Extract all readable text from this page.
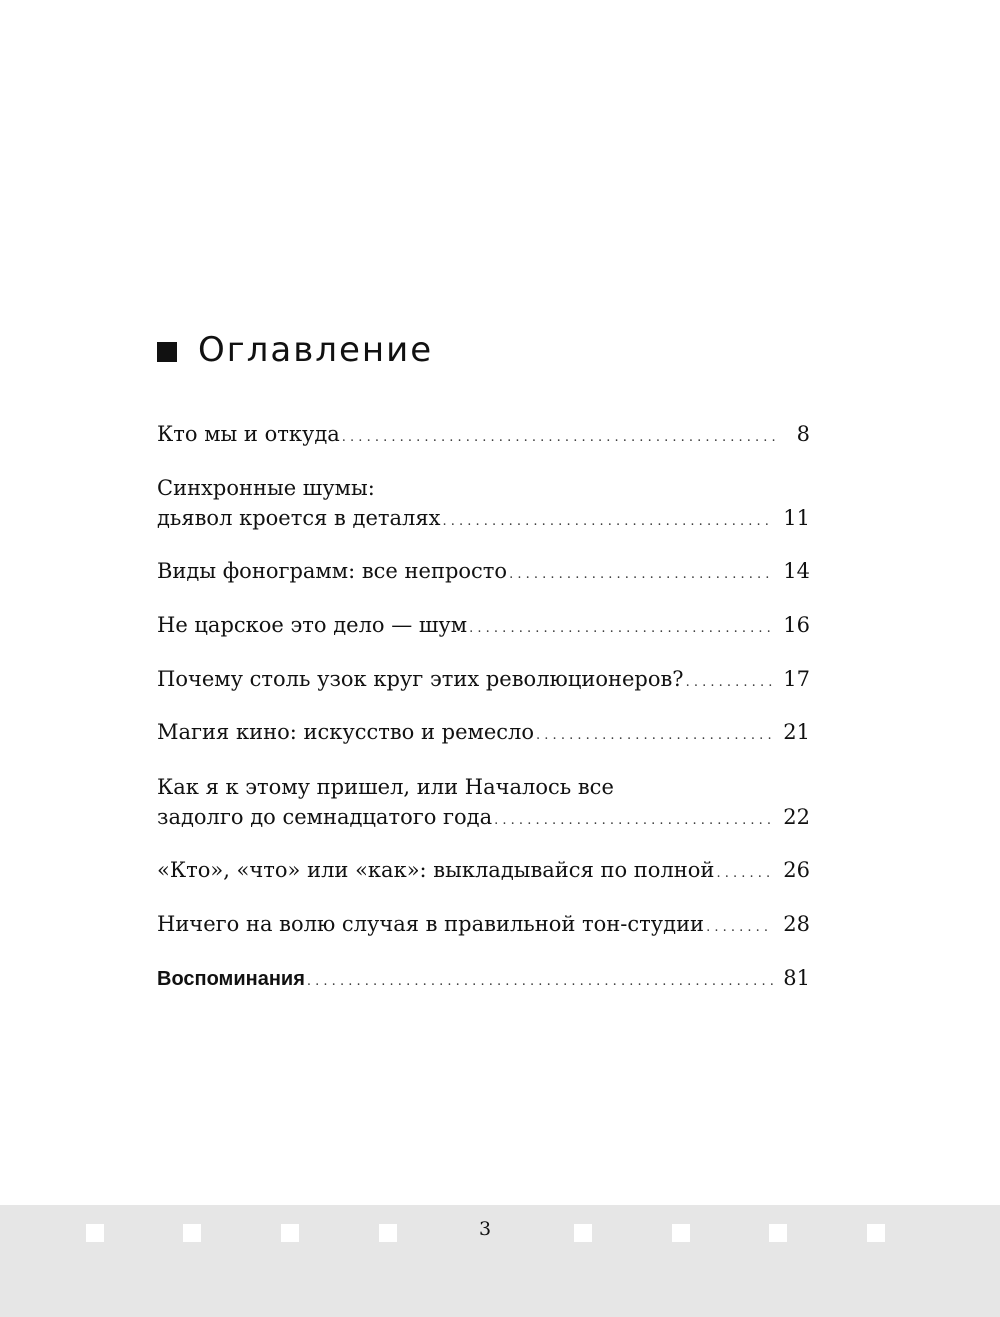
Оглавление
Кто мы и откуда . . .	8
Синхронные шумы:
дьявол кроется в деталях . . .	11
Виды фонограмм: все непросто . . .	14
Не царское это дело — шум . . .	16
Почему столь узок круг этих революционеров? . . .	17
Магия кино: искусство и ремесло . . .	21
Как я к этому пришел, или Началось все
задолго до семнадцатого года . . .	22
«Кто», «что» или «как»: выкладывайся по полной . . .	26
Ничего на волю случая в правильной тон-студии . . .	28
Воспоминания . . .	81
3
